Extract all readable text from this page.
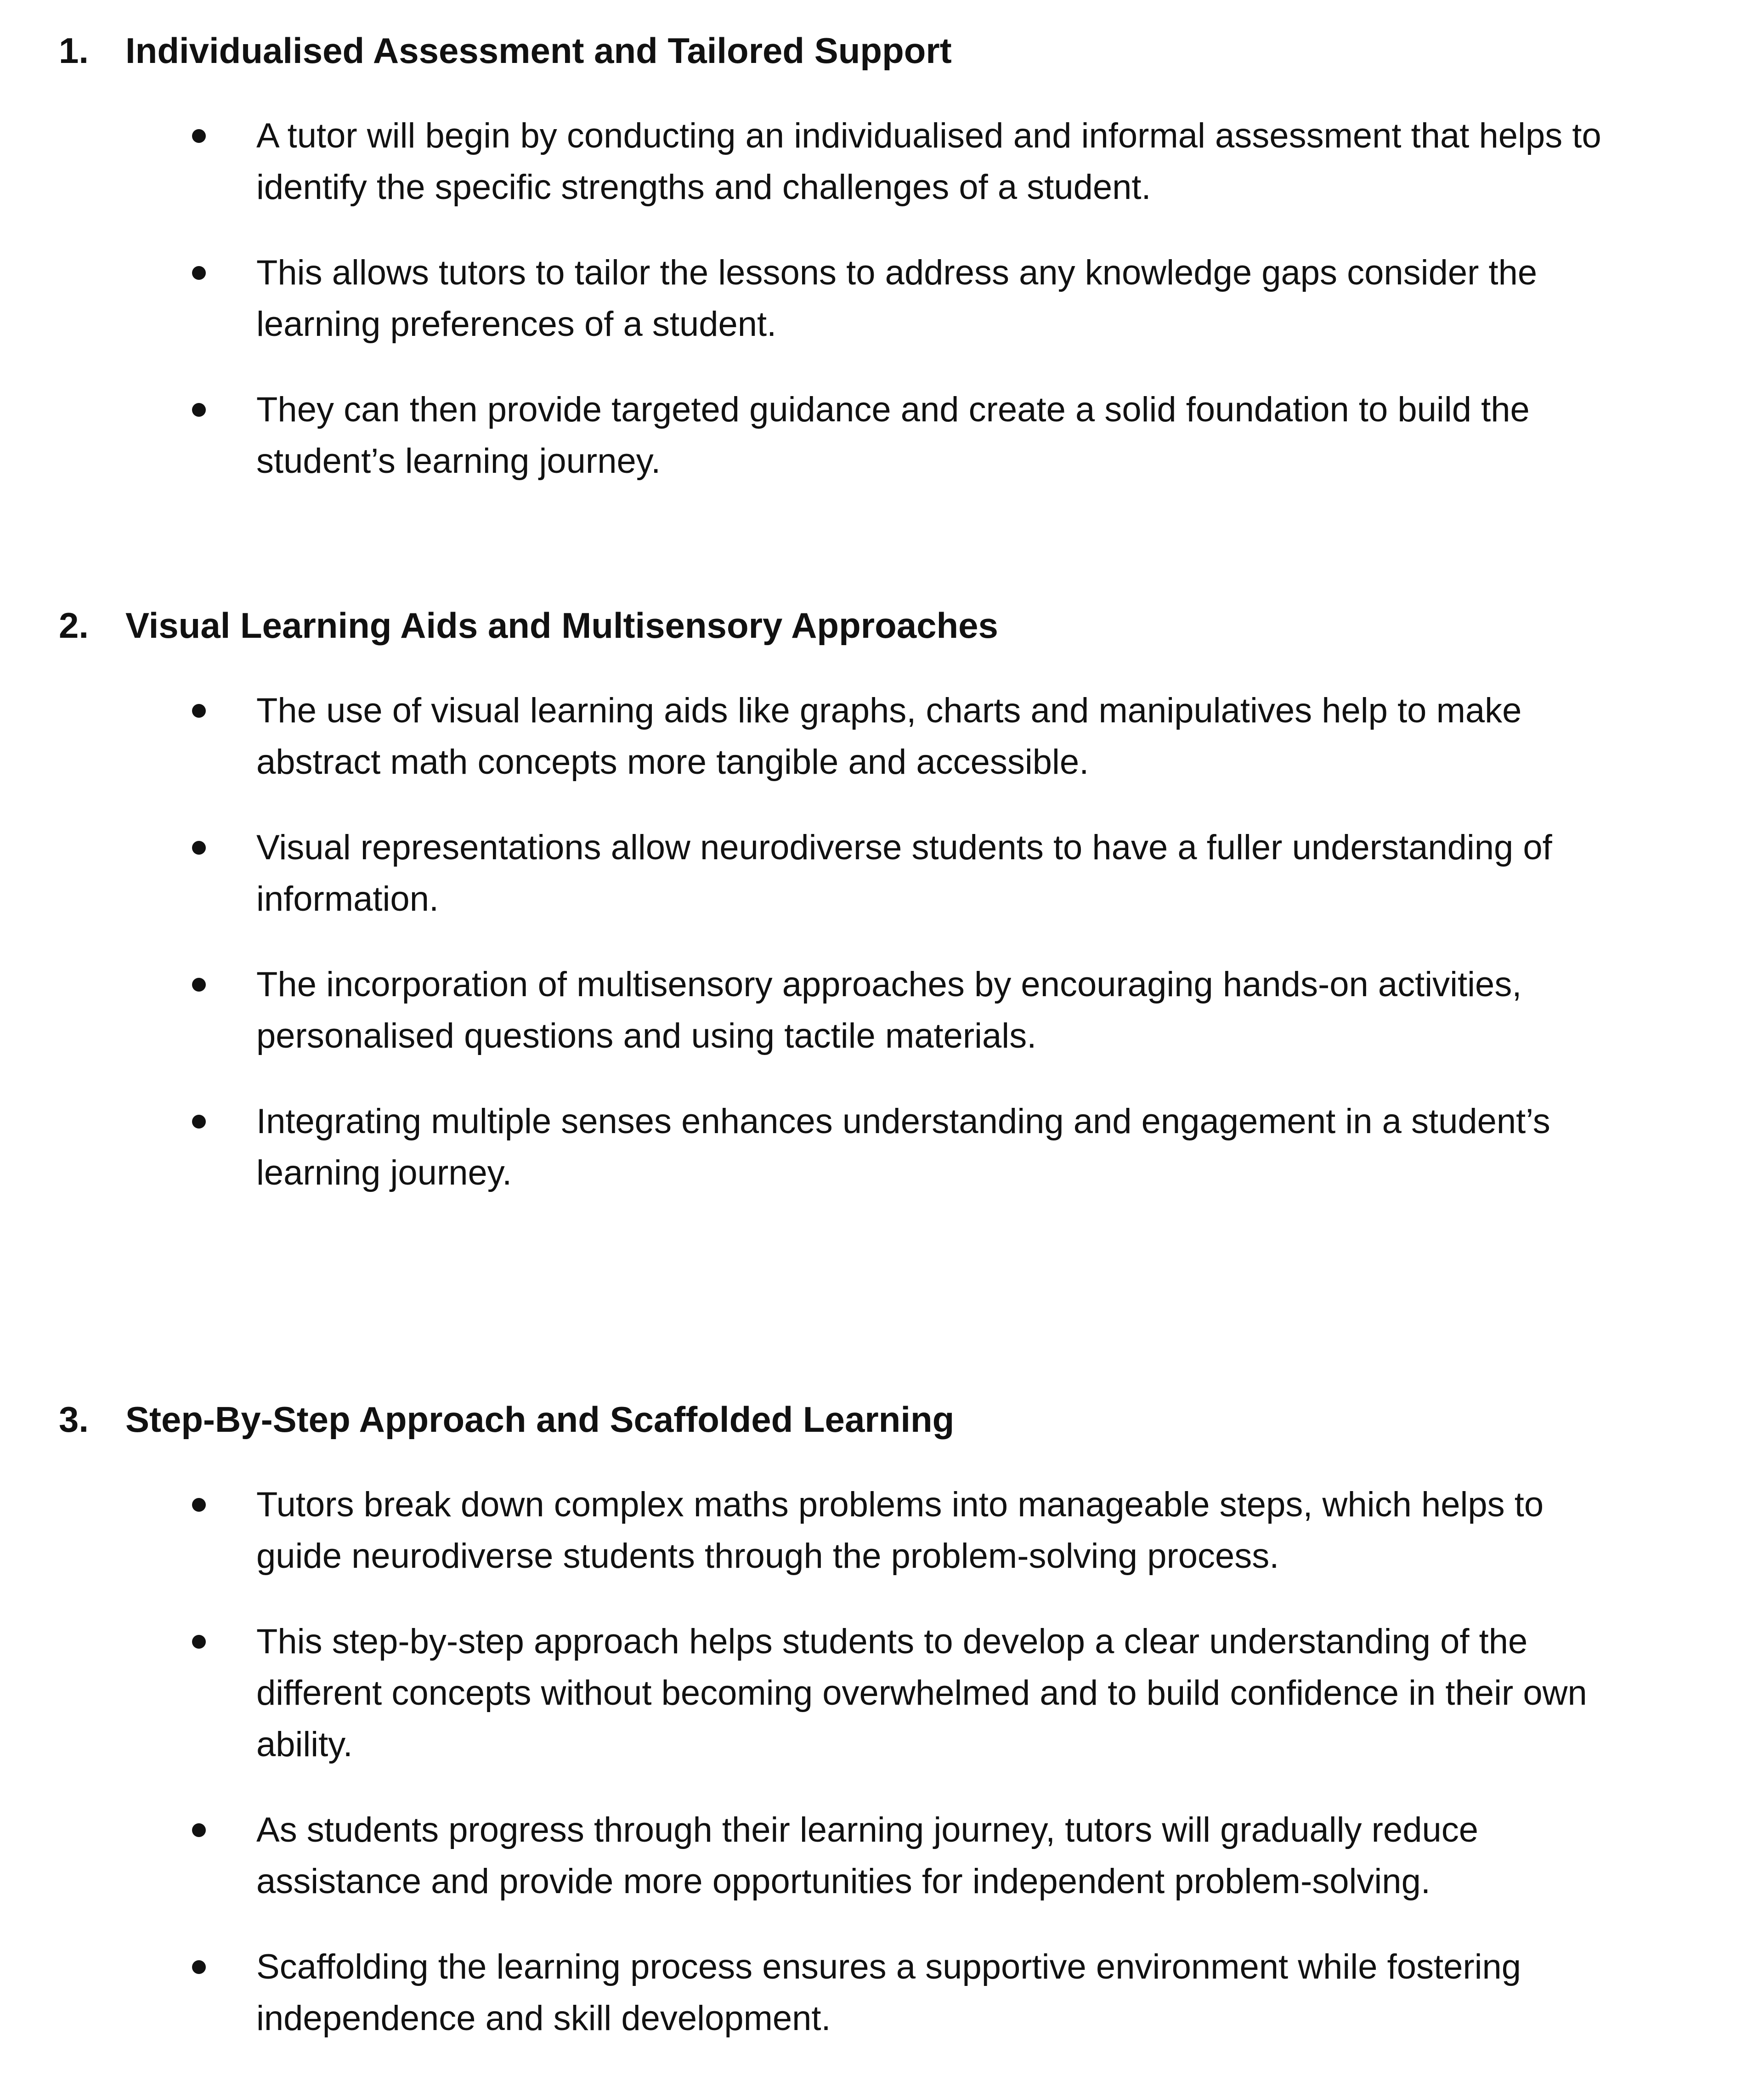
1. Individualised Assessment and Tailored Support
A tutor will begin by conducting an individualised and informal assessment that helps to identify the specific strengths and challenges of a student.
This allows tutors to tailor the lessons to address any knowledge gaps consider the learning preferences of a student.
They can then provide targeted guidance and create a solid foundation to build the student’s learning journey.
2. Visual Learning Aids and Multisensory Approaches
The use of visual learning aids like graphs, charts and manipulatives help to make abstract math concepts more tangible and accessible.
Visual representations allow neurodiverse students to have a fuller understanding of information.
The incorporation of multisensory approaches by encouraging hands-on activities, personalised questions and using tactile materials.
Integrating multiple senses enhances understanding and engagement in a student’s learning journey.
3. Step-By-Step Approach and Scaffolded Learning
Tutors break down complex maths problems into manageable steps, which helps to guide neurodiverse students through the problem-solving process.
This step-by-step approach helps students to develop a clear understanding of the different concepts without becoming overwhelmed and to build confidence in their own ability.
As students progress through their learning journey, tutors will gradually reduce assistance and provide more opportunities for independent problem-solving.
Scaffolding the learning process ensures a supportive environment while fostering independence and skill development.
